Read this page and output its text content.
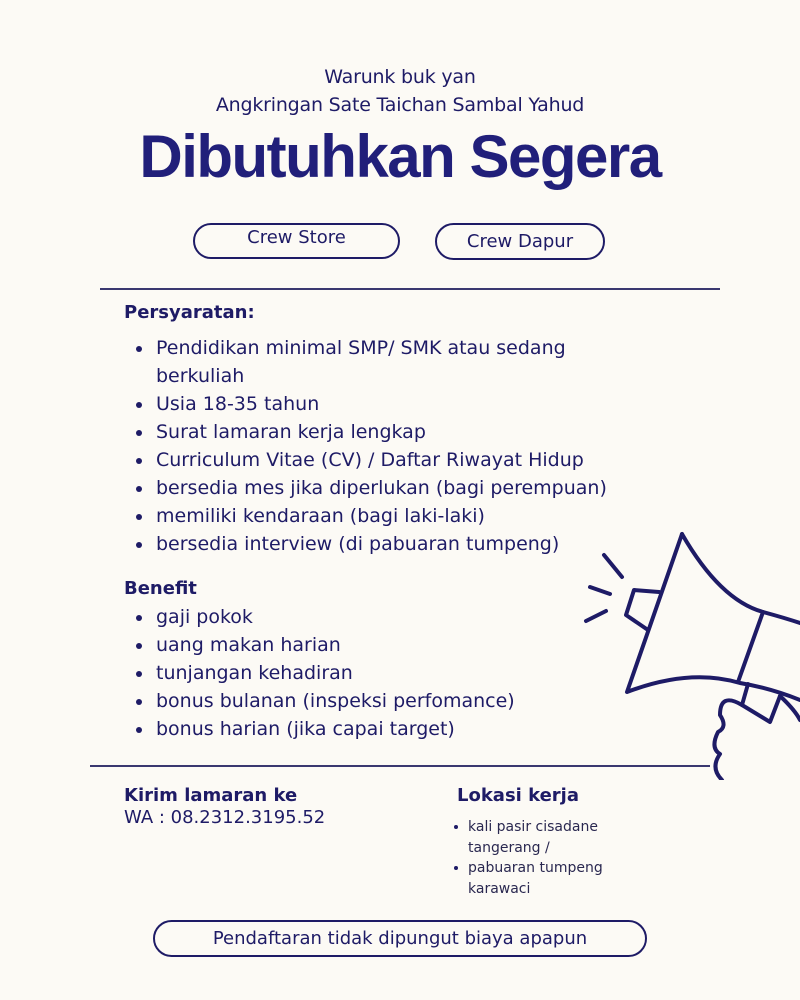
Warunk buk yan
Angkringan Sate Taichan Sambal Yahud
Dibutuhkan Segera
Crew Store	Crew Dapur
Persyaratan:
Pendidikan minimal SMP/ SMK atau sedang
berkuliah
Usia 18-35 tahun
Surat lamaran kerja lengkap
Curriculum Vitae (CV) / Daftar Riwayat Hidup
bersedia mes jika diperlukan (bagi perempuan)
memiliki kendaraan (bagi laki-laki)
bersedia interview (di pabuaran tumpeng)
Benefit
gaji pokok
uang makan harian
tunjangan kehadiran
bonus bulanan (inspeksi perfomance)
bonus harian (jika capai target)
Kirim lamaran ke
WA : 08.2312.3195.52
Lokasi kerja
kali pasir cisadane
tangerang /
pabuaran tumpeng
karawaci
Pendaftaran tidak dipungut biaya apapun
